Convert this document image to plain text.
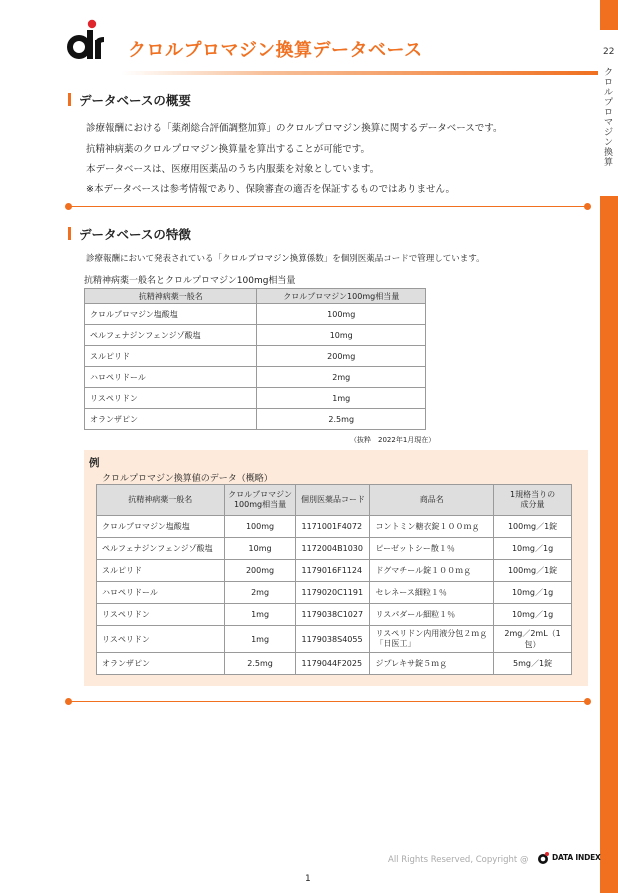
22
クロルプロマジン換算
クロルプロマジン換算データベース
データベースの概要
診療報酬における「薬剤総合評価調整加算」のクロルプロマジン換算に関するデータベースです。
抗精神病薬のクロルプロマジン換算量を算出することが可能です。
本データベースは、医療用医薬品のうち内服薬を対象としています。
※本データベースは参考情報であり、保険審査の適否を保証するものではありません。
データベースの特徴
診療報酬において発表されている「クロルプロマジン換算係数」を個別医薬品コードで管理しています。
抗精神病薬一般名とクロルプロマジン100mg相当量
抗精神病薬一般名	クロルプロマジン100mg相当量
クロルプロマジン塩酸塩	100mg
ペルフェナジンフェンジゾ酸塩	10mg
スルピリド	200mg
ハロペリドール	2mg
リスペリドン	1mg
オランザピン	2.5mg
（抜粋　2022年1月現在）
例
クロルプロマジン換算値のデータ（概略）
抗精神病薬一般名	クロルプロマジン
100mg相当量	個別医薬品コード	商品名	1規格当りの
成分量
クロルプロマジン塩酸塩	100mg	1171001F4072	コントミン糖衣錠１００ｍｇ	100mg／1錠
ペルフェナジンフェンジゾ酸塩	10mg	1172004B1030	ピーゼットシー散１％	10mg／1g
スルピリド	200mg	1179016F1124	ドグマチール錠１００ｍｇ	100mg／1錠
ハロペリドール	2mg	1179020C1191	セレネース細粒１％	10mg／1g
リスペリドン	1mg	1179038C1027	リスパダール細粒１％	10mg／1g
リスペリドン	1mg	1179038S4055	リスペリドン内用液分包２ｍｇ
「日医工」	2mg／2mL（1包）
オランザピン	2.5mg	1179044F2025	ジプレキサ錠５ｍｇ	5mg／1錠
All Rights Reserved, Copyright @	DATA INDEX
1
